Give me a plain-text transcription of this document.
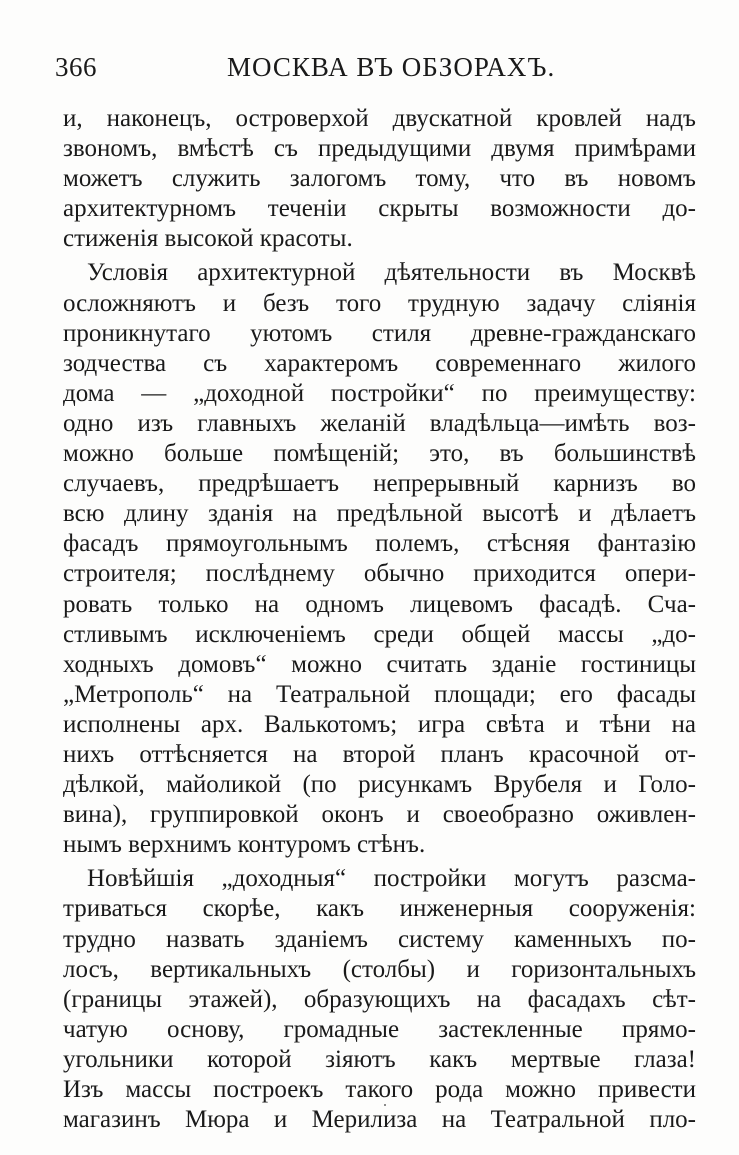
366	МОСКВА ВЪ ОБЗОРАХЪ.
и, наконецъ, островерхой двускатной кровлей надъ
звономъ, вмѣстѣ съ предыдущими двумя примѣрами
можетъ служить залогомъ тому, что въ новомъ
архитектурномъ теченіи скрыты возможности до-
стиженія высокой красоты.
Условія архитектурной дѣятельности въ Москвѣ
осложняютъ и безъ того трудную задачу сліянія
проникнутаго уютомъ стиля древне-гражданскаго
зодчества съ характеромъ современнаго жилого
дома — „доходной постройки“ по преимуществу:
одно изъ главныхъ желаній владѣльца—имѣть воз-
можно больше помѣщеній; это, въ большинствѣ
случаевъ, предрѣшаетъ непрерывный карнизъ во
всю длину зданія на предѣльной высотѣ и дѣлаетъ
фасадъ прямоугольнымъ полемъ, стѣсняя фантазію
строителя; послѣднему обычно приходится опери-
ровать только на одномъ лицевомъ фасадѣ. Сча-
стливымъ исключеніемъ среди общей массы „до-
ходныхъ домовъ“ можно считать зданіе гостиницы
„Метрополь“ на Театральной площади; его фасады
исполнены арх. Валькотомъ; игра свѣта и тѣни на
нихъ оттѣсняется на второй планъ красочной от-
дѣлкой, майоликой (по рисункамъ Врубеля и Голо-
вина), группировкой оконъ и своеобразно оживлен-
нымъ верхнимъ контуромъ стѣнъ.
Новѣйшія „доходныя“ постройки могутъ разсма-
триваться скорѣе, какъ инженерныя сооруженія:
трудно назвать зданіемъ систему каменныхъ по-
лосъ, вертикальныхъ (столбы) и горизонтальныхъ
(границы этажей), образующихъ на фасадахъ сѣт-
чатую основу, громадные застекленные прямо-
угольники которой зіяютъ какъ мертвые глаза!
Изъ массы построекъ такого рода можно привести
магазинъ Мюра и Мерилиза на Театральной пло-
